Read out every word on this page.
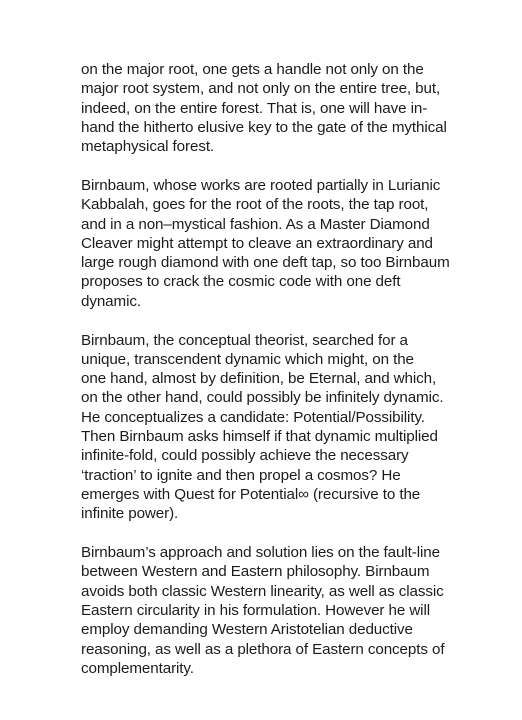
on the major root, one gets a handle not only on the
major root system, and not only on the entire tree, but,
indeed, on the entire forest. That is, one will have in-
hand the hitherto elusive key to the gate of the mythical
metaphysical forest.

Birnbaum, whose works are rooted partially in Lurianic
Kabbalah, goes for the root of the roots, the tap root,
and in a non–mystical fashion. As a Master Diamond
Cleaver might attempt to cleave an extraordinary and
large rough diamond with one deft tap, so too Birnbaum
proposes to crack the cosmic code with one deft
dynamic.

Birnbaum, the conceptual theorist, searched for a
unique, transcendent dynamic which might, on the
one hand, almost by definition, be Eternal, and which,
on the other hand, could possibly be infinitely dynamic.
He conceptualizes a candidate: Potential/Possibility.
Then Birnbaum asks himself if that dynamic multiplied
infinite-fold, could possibly achieve the necessary
‘traction’ to ignite and then propel a cosmos? He
emerges with Quest for Potential∞ (recursive to the
infinite power).

Birnbaum’s approach and solution lies on the fault-line
between Western and Eastern philosophy. Birnbaum
avoids both classic Western linearity, as well as classic
Eastern circularity in his formulation. However he will
employ demanding Western Aristotelian deductive
reasoning, as well as a plethora of Eastern concepts of
complementarity.
